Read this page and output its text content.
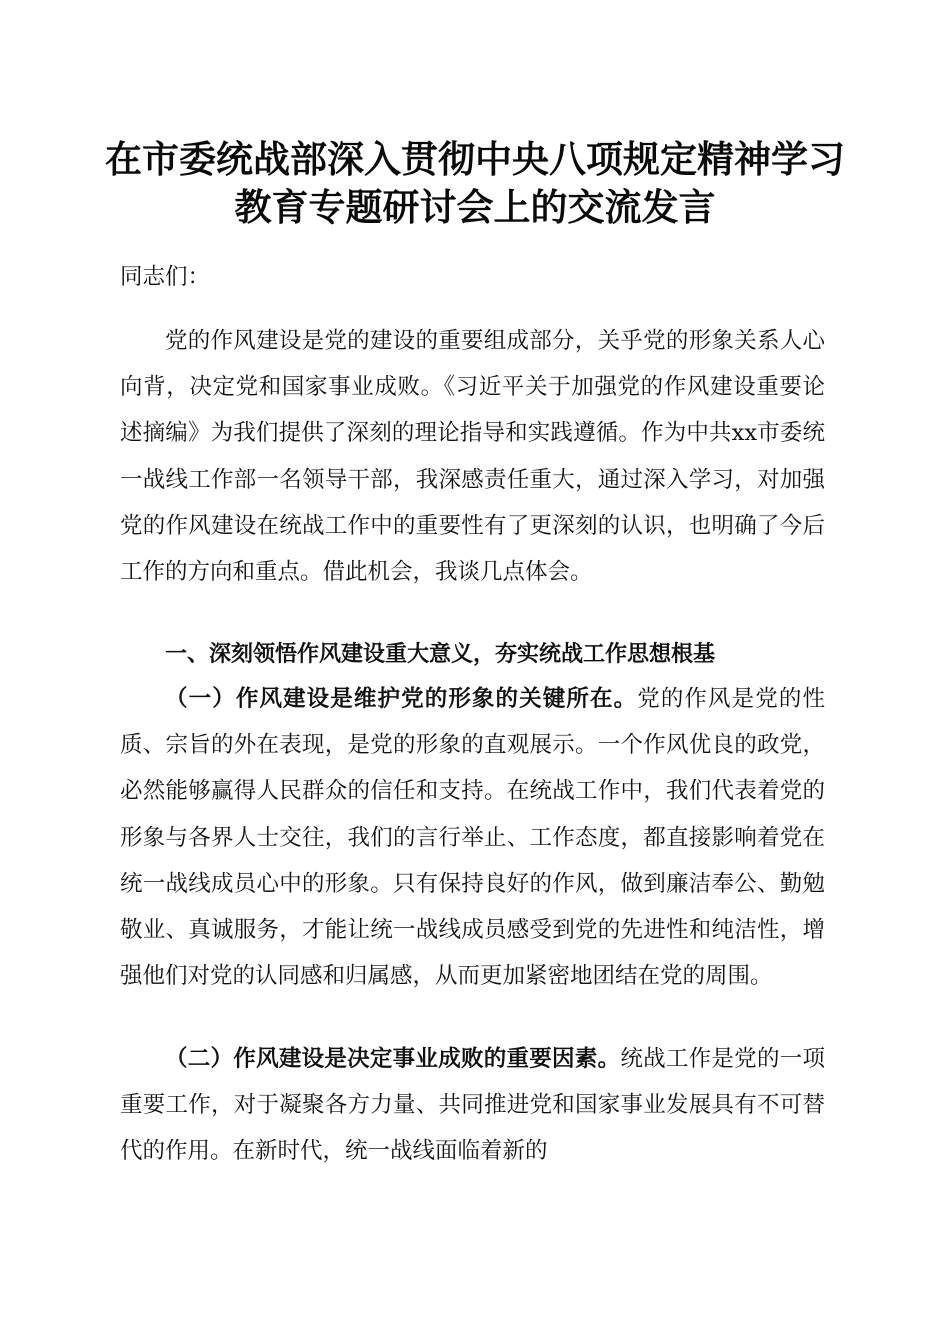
在市委统战部深入贯彻中央八项规定精神学习
教育专题研讨会上的交流发言
同志们：

党的作风建设是党的建设的重要组成部分，关乎党的形象关系人心向背，决定党和国家事业成败。《习近平关于加强党的作风建设重要论述摘编》为我们提供了深刻的理论指导和实践遵循。作为中共xx市委统一战线工作部一名领导干部，我深感责任重大，通过深入学习，对加强党的作风建设在统战工作中的重要性有了更深刻的认识，也明确了今后工作的方向和重点。借此机会，我谈几点体会。

一、深刻领悟作风建设重大意义，夯实统战工作思想根基

（一）作风建设是维护党的形象的关键所在。党的作风是党的性质、宗旨的外在表现，是党的形象的直观展示。一个作风优良的政党，必然能够赢得人民群众的信任和支持。在统战工作中，我们代表着党的形象与各界人士交往，我们的言行举止、工作态度，都直接影响着党在统一战线成员心中的形象。只有保持良好的作风，做到廉洁奉公、勤勉敬业、真诚服务，才能让统一战线成员感受到党的先进性和纯洁性，增强他们对党的认同感和归属感，从而更加紧密地团结在党的周围。

（二）作风建设是决定事业成败的重要因素。统战工作是党的一项重要工作，对于凝聚各方力量、共同推进党和国家事业发展具有不可替代的作用。在新时代，统一战线面临着新的
